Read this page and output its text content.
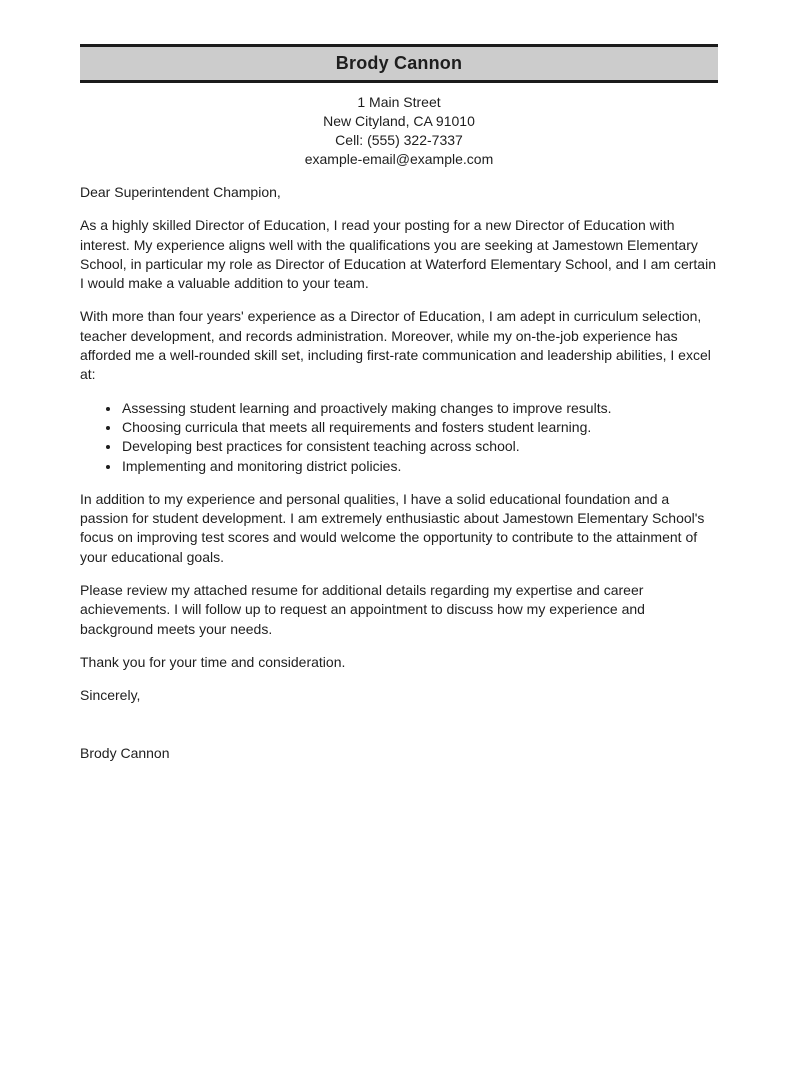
Brody Cannon
1 Main Street
New Cityland, CA 91010
Cell: (555) 322-7337
example-email@example.com

Dear Superintendent Champion,

As a highly skilled Director of Education, I read your posting for a new Director of Education with interest. My experience aligns well with the qualifications you are seeking at Jamestown Elementary School, in particular my role as Director of Education at Waterford Elementary School, and I am certain I would make a valuable addition to your team.

With more than four years' experience as a Director of Education, I am adept in curriculum selection, teacher development, and records administration. Moreover, while my on-the-job experience has afforded me a well-rounded skill set, including first-rate communication and leadership abilities, I excel at:

• Assessing student learning and proactively making changes to improve results.
• Choosing curricula that meets all requirements and fosters student learning.
• Developing best practices for consistent teaching across school.
• Implementing and monitoring district policies.

In addition to my experience and personal qualities, I have a solid educational foundation and a passion for student development. I am extremely enthusiastic about Jamestown Elementary School's focus on improving test scores and would welcome the opportunity to contribute to the attainment of your educational goals.

Please review my attached resume for additional details regarding my expertise and career achievements. I will follow up to request an appointment to discuss how my experience and background meets your needs.

Thank you for your time and consideration.

Sincerely,

Brody Cannon
